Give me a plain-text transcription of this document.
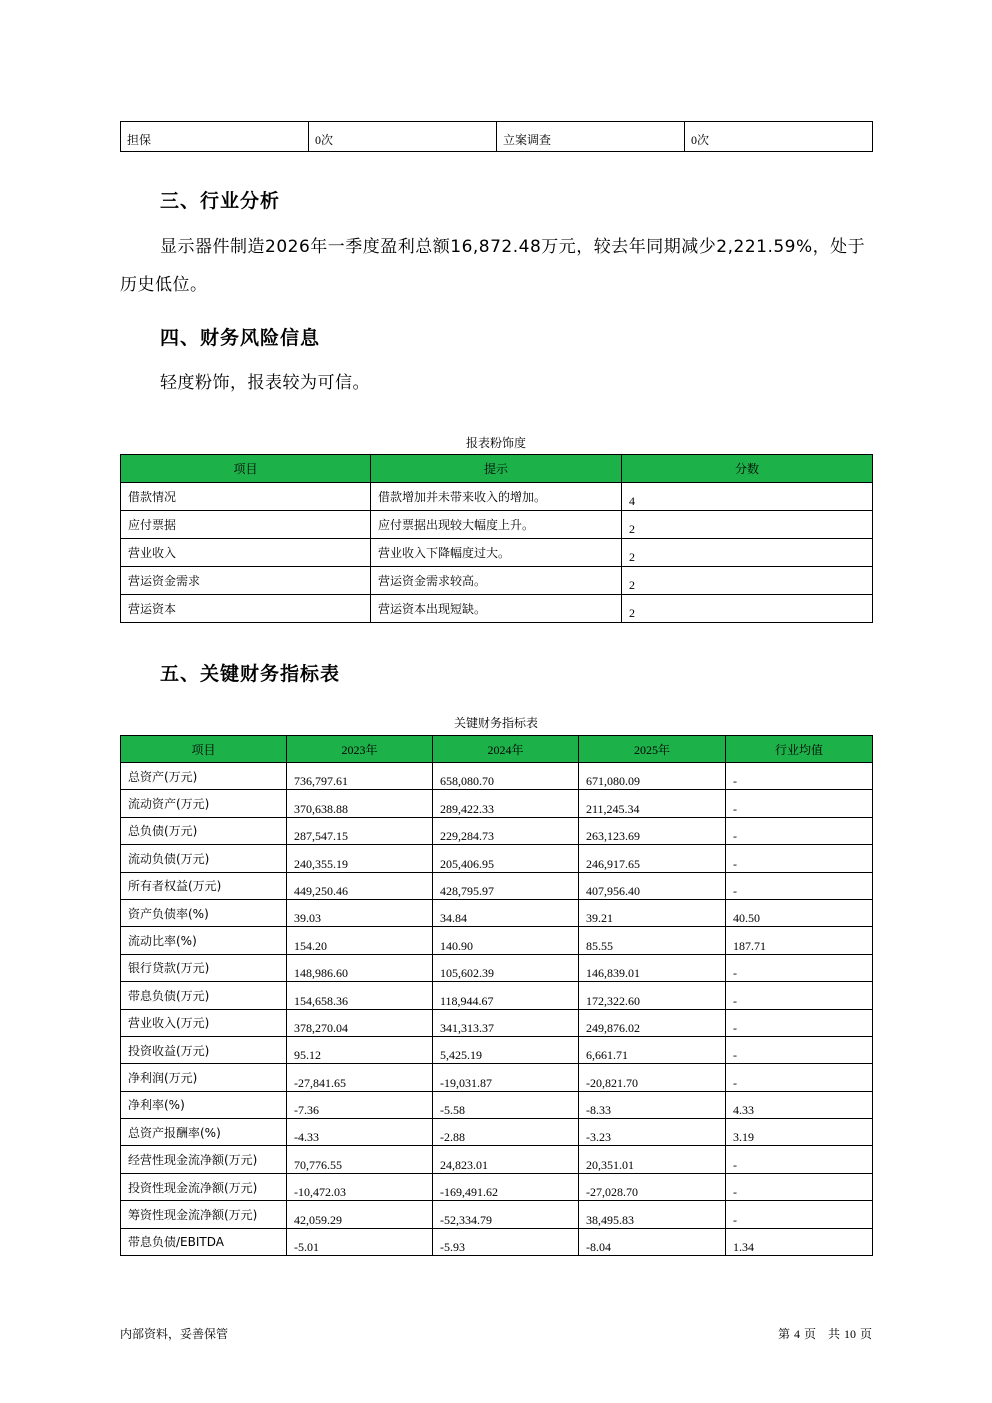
担保	0次	立案调查	0次
三、行业分析
显示器件制造2026年一季度盈利总额16,872.48万元，较去年同期减少2,221.59%，处于历史低位。
四、财务风险信息
轻度粉饰，报表较为可信。
报表粉饰度
项目	提示	分数
借款情况	借款增加并未带来收入的增加。	4
应付票据	应付票据出现较大幅度上升。	2
营业收入	营业收入下降幅度过大。	2
营运资金需求	营运资金需求较高。	2
营运资本	营运资本出现短缺。	2
五、关键财务指标表
关键财务指标表
项目	2023年	2024年	2025年	行业均值
总资产(万元)	736,797.61	658,080.70	671,080.09	-
流动资产(万元)	370,638.88	289,422.33	211,245.34	-
总负债(万元)	287,547.15	229,284.73	263,123.69	-
流动负债(万元)	240,355.19	205,406.95	246,917.65	-
所有者权益(万元)	449,250.46	428,795.97	407,956.40	-
资产负债率(%)	39.03	34.84	39.21	40.50
流动比率(%)	154.20	140.90	85.55	187.71
银行贷款(万元)	148,986.60	105,602.39	146,839.01	-
带息负债(万元)	154,658.36	118,944.67	172,322.60	-
营业收入(万元)	378,270.04	341,313.37	249,876.02	-
投资收益(万元)	95.12	5,425.19	6,661.71	-
净利润(万元)	-27,841.65	-19,031.87	-20,821.70	-
净利率(%)	-7.36	-5.58	-8.33	4.33
总资产报酬率(%)	-4.33	-2.88	-3.23	3.19
经营性现金流净额(万元)	70,776.55	24,823.01	20,351.01	-
投资性现金流净额(万元)	-10,472.03	-169,491.62	-27,028.70	-
筹资性现金流净额(万元)	42,059.29	-52,334.79	38,495.83	-
带息负债/EBITDA	-5.01	-5.93	-8.04	1.34
内部资料，妥善保管	第 4 页　共 10 页
